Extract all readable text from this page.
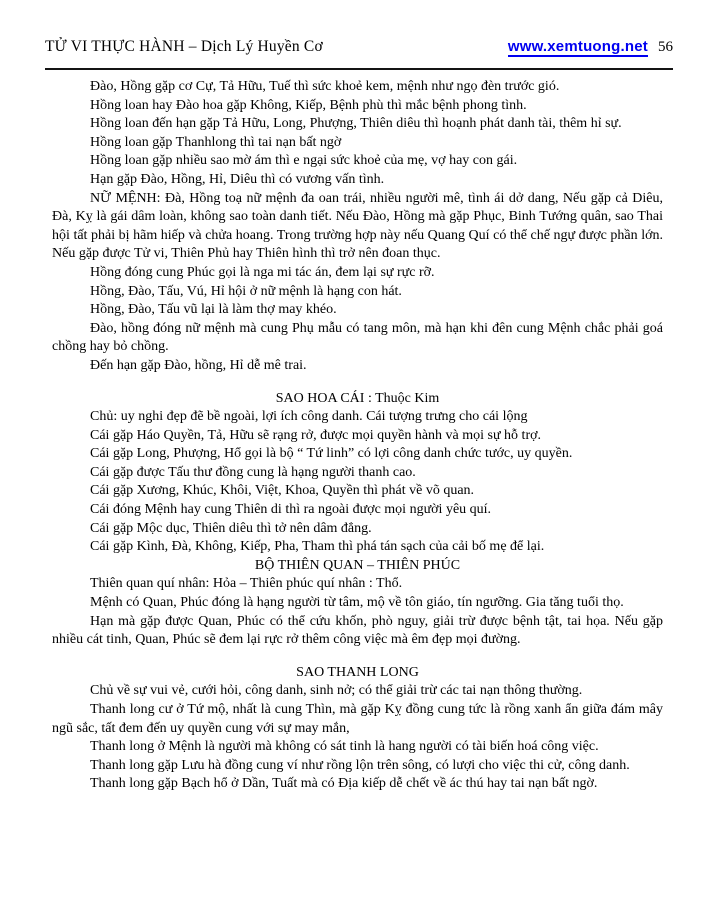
TỬ VI THỰC HÀNH – Dịch Lý Huyền Cơ	www.xemtuong.net 56

Đào, Hồng gặp cơ Cự, Tả Hữu, Tuế thì sức khoẻ kem, mệnh như ngọ đèn trước gió.

Hồng loan hay Đào hoa gặp Không, Kiếp, Bệnh phù thì mắc bệnh phong tình.

Hồng loan đến hạn gặp Tả Hữu, Long, Phượng, Thiên diêu thì hoạnh phát danh tài, thêm hỉ sự.

Hồng loan gặp Thanhlong thì tai nạn bất ngờ

Hồng loan gặp nhiều sao mờ ám thì e ngại sức khoẻ của mẹ, vợ hay con gái.

Hạn gặp Đào, Hồng, Hỉ, Diêu thì có vương vấn tình.

NỮ MỆNH: Đà, Hồng toạ nữ mệnh đa oan trái, nhiều người mê, tình ái dở dang, Nếu gặp cả Diêu, Đà, Kỵ là gái dâm loàn, không sao toàn danh tiết. Nếu Đào, Hồng mà gặp Phục, Binh Tướng quân, sao Thai hội tất phải bị hãm hiếp và chửa hoang. Trong trường hợp này nếu Quang Quí có thể chế ngự được phần lớn. Nếu gặp được Tử vi, Thiên Phủ hay Thiên hình thì trở nên đoan thục.

Hồng đóng cung Phúc gọi là nga mi tác án, đem lại sự rực rỡ.

Hồng, Đào, Tấu, Vú, Hỉ hội ở nữ mệnh là hạng con hát.

Hồng, Đào, Tấu vũ lại là làm thợ may khéo.

Đào, hồng đóng nữ mệnh mà cung Phụ mẫu có tang môn, mà hạn khi đên cung Mệnh chắc phải goá chồng hay bỏ chồng.

Đến hạn gặp Đào, hồng, Hỉ dễ mê trai.

SAO HOA CÁI : Thuộc Kim

Chủ: uy nghi đẹp đẽ bề ngoài, lợi ích công danh. Cái tượng trưng cho cái lộng

Cái gặp Háo Quyền, Tả, Hữu sẽ rạng rở, được mọi quyền hành và mọi sự hỗ trợ.

Cái gặp Long, Phượng, Hổ gọi là bộ “ Tứ linh” có lợi công danh chức tước, uy quyền.

Cái gặp được Tấu thư đồng cung là hạng người thanh cao.

Cái gặp Xương, Khúc, Khôi, Việt, Khoa, Quyền thì phát về võ quan.

Cái đóng Mệnh hay cung Thiên di thì ra ngoài được mọi người yêu quí.

Cái gặp Mộc dục, Thiên diêu thì tở nên dâm đẳng.

Cái gặp Kình, Đà, Không, Kiếp, Pha, Tham thì phá tán sạch của cải bố mẹ để lại.

BỘ THIÊN QUAN – THIÊN PHÚC

Thiên quan quí nhân: Hỏa – Thiên phúc quí nhân : Thổ.

Mệnh có Quan, Phúc đóng là hạng người từ tâm, mộ về tôn giáo, tín ngưỡng. Gia tăng tuổi thọ.

Hạn mà gặp được Quan, Phúc có thể cứu khốn, phò nguy, giải trừ được bệnh tật, tai họa. Nếu gặp nhiều cát tinh, Quan, Phúc sẽ đem lại rực rở thêm công việc mà êm đẹp mọi đường.

SAO THANH LONG

Chủ về sự vui vẻ, cưới hỏi, công danh, sinh nở; có thể giải trừ các tai nạn thông thường.

Thanh long cư ở Tứ mộ, nhất là cung Thìn, mà gặp Kỵ đồng cung tức là rồng xanh ẩn giữa đám mây ngũ sắc, tất đem đến uy quyền cung với sự may mắn,

Thanh long ở Mệnh là người mà không có sát tinh là hang người có tài biến hoá công việc.

Thanh long gặp Lưu hà đồng cung ví như rồng lộn trên sông, có lượi cho việc thi cử, công danh.

Thanh long gặp Bạch hổ ở Dần, Tuất mà có Địa kiếp dễ chết về ác thú hay tai nạn bất ngờ.
